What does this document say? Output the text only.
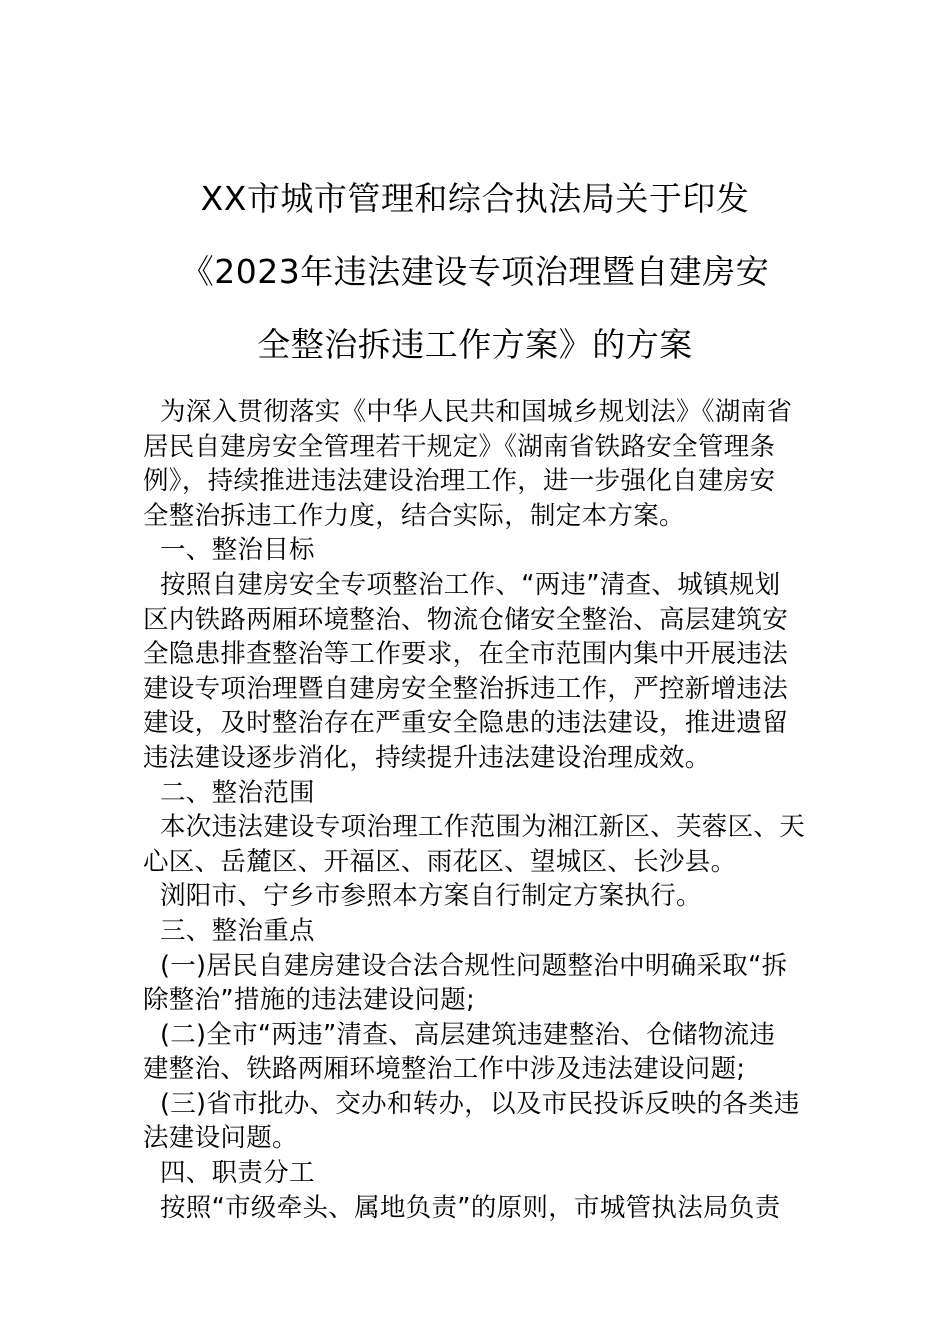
XX市城市管理和综合执法局关于印发
《2023年违法建设专项治理暨自建房安
全整治拆违工作方案》的方案
为深入贯彻落实《中华人民共和国城乡规划法》《湖南省
居民自建房安全管理若干规定》《湖南省铁路安全管理条
例》，持续推进违法建设治理工作，进一步强化自建房安
全整治拆违工作力度，结合实际，制定本方案。
一、整治目标
按照自建房安全专项整治工作、“两违”清查、城镇规划
区内铁路两厢环境整治、物流仓储安全整治、高层建筑安
全隐患排查整治等工作要求，在全市范围内集中开展违法
建设专项治理暨自建房安全整治拆违工作，严控新增违法
建设，及时整治存在严重安全隐患的违法建设，推进遗留
违法建设逐步消化，持续提升违法建设治理成效。
二、整治范围
本次违法建设专项治理工作范围为湘江新区、芙蓉区、天
心区、岳麓区、开福区、雨花区、望城区、长沙县。
浏阳市、宁乡市参照本方案自行制定方案执行。
三、整治重点
(一)居民自建房建设合法合规性问题整治中明确采取“拆
除整治”措施的违法建设问题;
(二)全市“两违”清查、高层建筑违建整治、仓储物流违
建整治、铁路两厢环境整治工作中涉及违法建设问题;
(三)省市批办、交办和转办，以及市民投诉反映的各类违
法建设问题。
四、职责分工
按照“市级牵头、属地负责”的原则，市城管执法局负责
